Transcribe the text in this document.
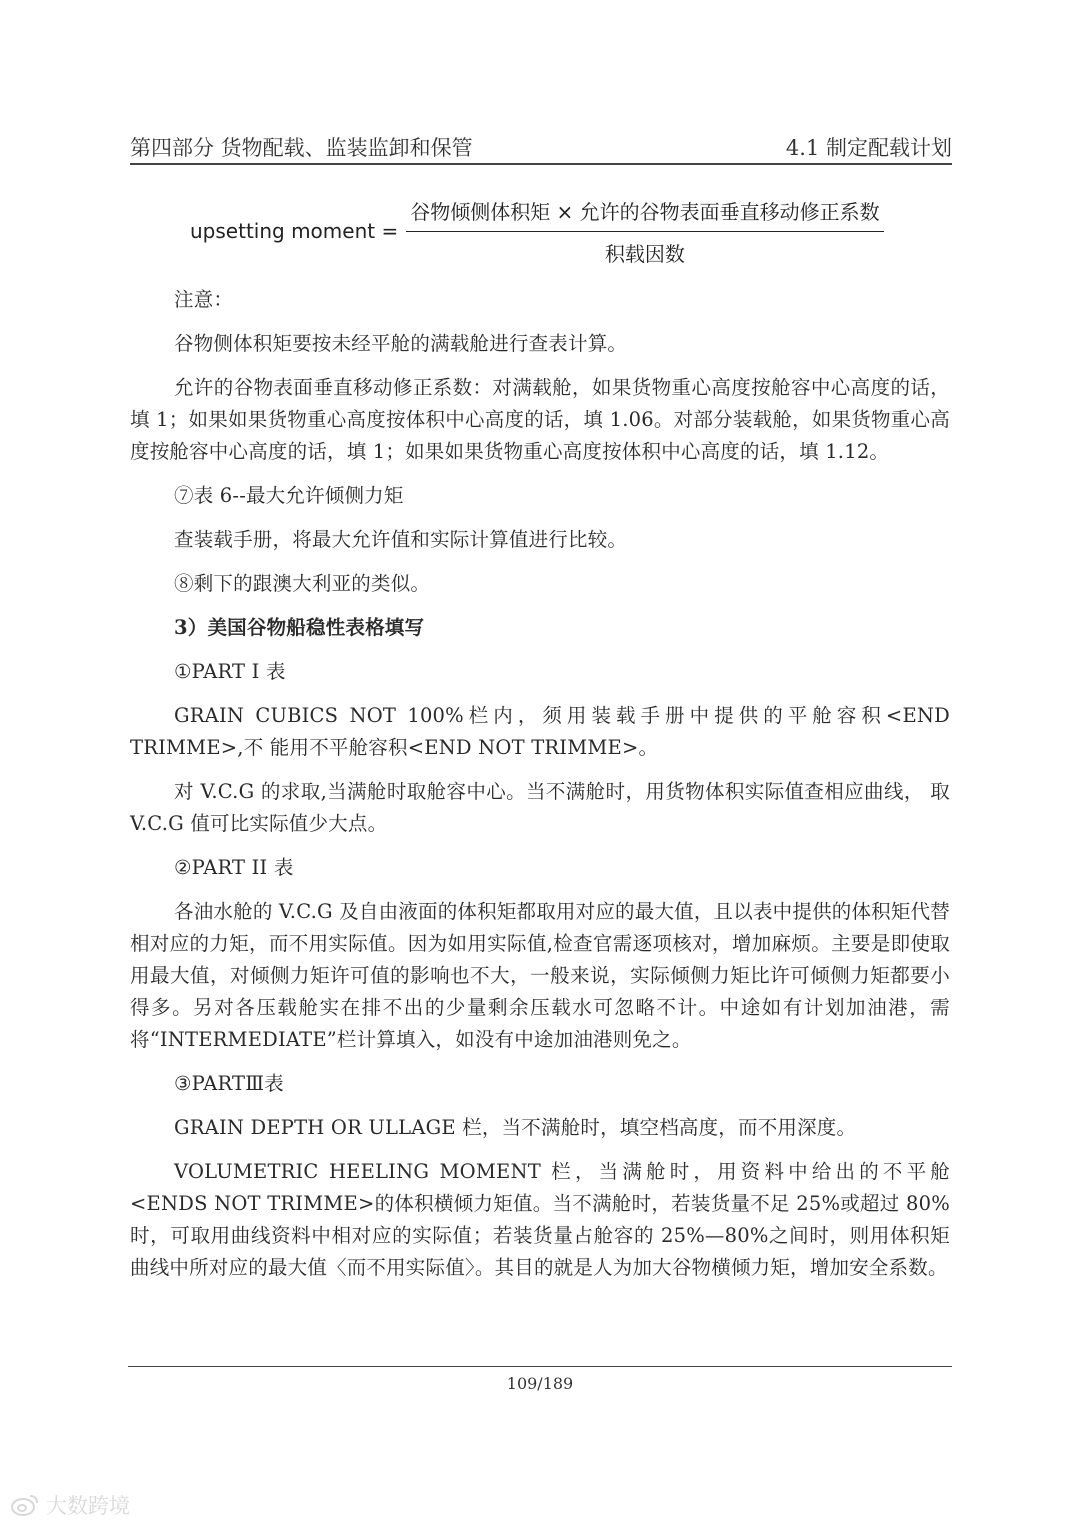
第四部分 货物配载、监装监卸和保管	4.1 制定配载计划
upsetting moment = $\frac{\text{谷物倾侧体积矩 × 允许的谷物表面垂直移动修正系数}}{\text{积载因数}}$

注意：

谷物侧体积矩要按未经平舱的满载舱进行查表计算。

允许的谷物表面垂直移动修正系数：对满载舱，如果货物重心高度按舱容中心高度的话，填 1；如果如果货物重心高度按体积中心高度的话，填 1.06。对部分装载舱，如果货物重心高度按舱容中心高度的话，填 1；如果如果货物重心高度按体积中心高度的话，填 1.12。

⑦表 6--最大允许倾侧力矩

查装载手册，将最大允许值和实际计算值进行比较。

⑧剩下的跟澳大利亚的类似。

3）美国谷物船稳性表格填写

①PART I 表

GRAIN CUBICS NOT 100%栏内，须用装载手册中提供的平舱容积<END TRIMME>,不 能用不平舱容积<END NOT TRIMME>。

对 V.C.G 的求取,当满舱时取舱容中心。当不满舱时，用货物体积实际值查相应曲线， 取 V.C.G 值可比实际值少大点。

②PART II 表

各油水舱的 V.C.G 及自由液面的体积矩都取用对应的最大值，且以表中提供的体积矩代替相对应的力矩，而不用实际值。因为如用实际值,检查官需逐项核对，增加麻烦。主要是即使取用最大值，对倾侧力矩许可值的影响也不大，一般来说，实际倾侧力矩比许可倾侧力矩都要小得多。另对各压载舱实在排不出的少量剩余压载水可忽略不计。中途如有计划加油港，需将“INTERMEDIATE”栏计算填入，如没有中途加油港则免之。

③PARTⅢ表

GRAIN DEPTH OR ULLAGE 栏，当不满舱时，填空档高度，而不用深度。

VOLUMETRIC HEELING MOMENT 栏，当满舱时，用资料中给出的不平舱<ENDS NOT TRIMME>的体积横倾力矩值。当不满舱时，若装货量不足 25%或超过 80%时，可取用曲线资料中相对应的实际值；若装货量占舱容的 25%—80%之间时，则用体积矩曲线中所对应的最大值〈而不用实际值〉。其目的就是人为加大谷物横倾力矩，增加安全系数。

109/189
大数跨境
